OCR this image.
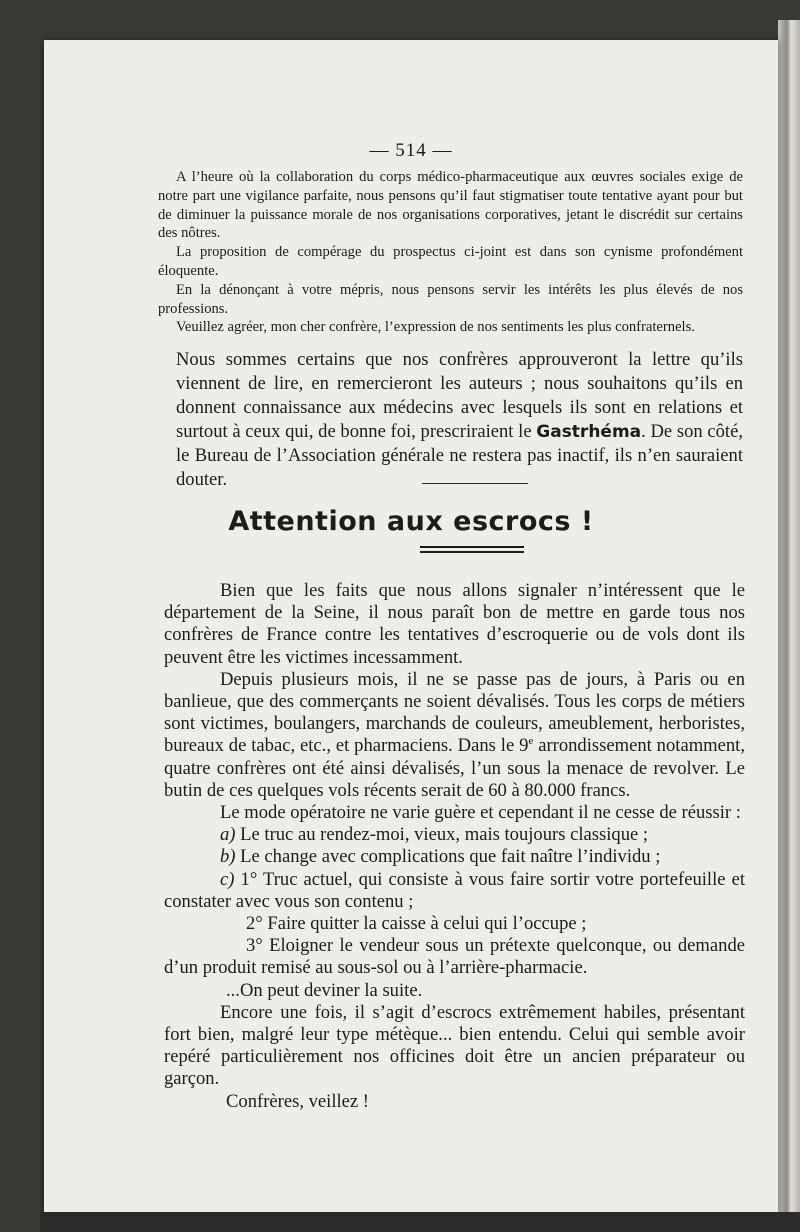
— 514 —

A l’heure où la collaboration du corps médico-pharmaceutique aux œuvres sociales exige de notre part une vigilance parfaite, nous pensons qu’il faut stigmatiser toute tentative ayant pour but de diminuer la puissance morale de nos organisations corporatives, jetant le discrédit sur certains des nôtres.

La proposition de compérage du prospectus ci-joint est dans son cynisme profondément éloquente.

En la dénonçant à votre mépris, nous pensons servir les intérêts les plus élevés de nos professions.

Veuillez agréer, mon cher confrère, l’expression de nos sentiments les plus confraternels.

Nous sommes certains que nos confrères approuveront la lettre qu’ils viennent de lire, en remercieront les auteurs ; nous souhaitons qu’ils en donnent connaissance aux médecins avec lesquels ils sont en relations et surtout à ceux qui, de bonne foi, prescriraient le Gastrhéma. De son côté, le Bureau de l’Association générale ne restera pas inactif, ils n’en sauraient douter.

Attention aux escrocs !

Bien que les faits que nous allons signaler n’intéressent que le département de la Seine, il nous paraît bon de mettre en garde tous nos confrères de France contre les tentatives d’escroquerie ou de vols dont ils peuvent être les victimes incessamment.

Depuis plusieurs mois, il ne se passe pas de jours, à Paris ou en banlieue, que des commerçants ne soient dévalisés. Tous les corps de métiers sont victimes, boulangers, marchands de couleurs, ameublement, herboristes, bureaux de tabac, etc., et pharmaciens. Dans le 9e arrondissement notamment, quatre confrères ont été ainsi dévalisés, l’un sous la menace de revolver. Le butin de ces quelques vols récents serait de 60 à 80.000 francs.

Le mode opératoire ne varie guère et cependant il ne cesse de réussir :

a) Le truc au rendez-moi, vieux, mais toujours classique ;

b) Le change avec complications que fait naître l’individu ;

c) 1° Truc actuel, qui consiste à vous faire sortir votre portefeuille et constater avec vous son contenu ;

2° Faire quitter la caisse à celui qui l’occupe ;

3° Eloigner le vendeur sous un prétexte quelconque, ou demande d’un produit remisé au sous-sol ou à l’arrière-pharmacie.

...On peut deviner la suite.

Encore une fois, il s’agit d’escrocs extrêmement habiles, présentant fort bien, malgré leur type métèque... bien entendu. Celui qui semble avoir repéré particulièrement nos officines doit être un ancien préparateur ou garçon.

Confrères, veillez !
